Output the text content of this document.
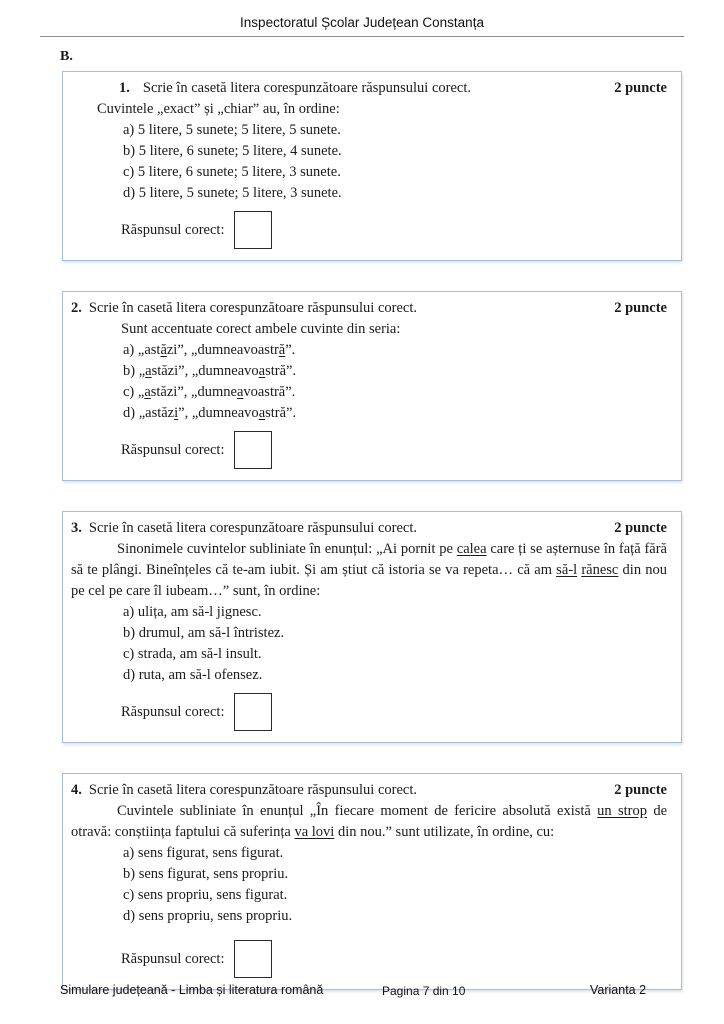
Inspectoratul Școlar Județean Constanța
B.
1. Scrie în casetă litera corespunzătoare răspunsului corect.	2 puncte

Cuvintele „exact” și „chiar” au, în ordine:

a) 5 litere, 5 sunete; 5 litere, 5 sunete.
b) 5 litere, 6 sunete; 5 litere, 4 sunete.
c) 5 litere, 6 sunete; 5 litere, 3 sunete.
d) 5 litere, 5 sunete; 5 litere, 3 sunete.
Răspunsul corect:
2. Scrie în casetă litera corespunzătoare răspunsului corect.	2 puncte

Sunt accentuate corect ambele cuvinte din seria:

a) „astăzi”, „dumneavoastră”.
b) „astăzi”, „dumneavoastră”.
c) „astăzi”, „dumneavoastră”.
d) „astăzi”, „dumneavoastră”.
Răspunsul corect:
3. Scrie în casetă litera corespunzătoare răspunsului corect.	2 puncte

Sinonimele cuvintelor subliniate în enunțul: „Ai pornit pe calea care ți se așternuse în față fără să te plângi. Bineînțeles că te-am iubit. Și am știut că istoria se va repeta… că am să-l rănesc din nou pe cel pe care îl iubeam…” sunt, în ordine:

a) ulița, am să-l jignesc.
b) drumul, am să-l întristez.
c) strada, am să-l insult.
d) ruta, am să-l ofensez.
Răspunsul corect:
4. Scrie în casetă litera corespunzătoare răspunsului corect.	2 puncte

Cuvintele subliniate în enunțul „În fiecare moment de fericire absolută există un strop de otravă: conștiința faptului că suferința va lovi din nou.” sunt utilizate, în ordine, cu:

a) sens figurat, sens figurat.
b) sens figurat, sens propriu.
c) sens propriu, sens figurat.
d) sens propriu, sens propriu.
Răspunsul corect:
Simulare județeană - Limba și literatura română	Pagina 7 din 10	Varianta 2
